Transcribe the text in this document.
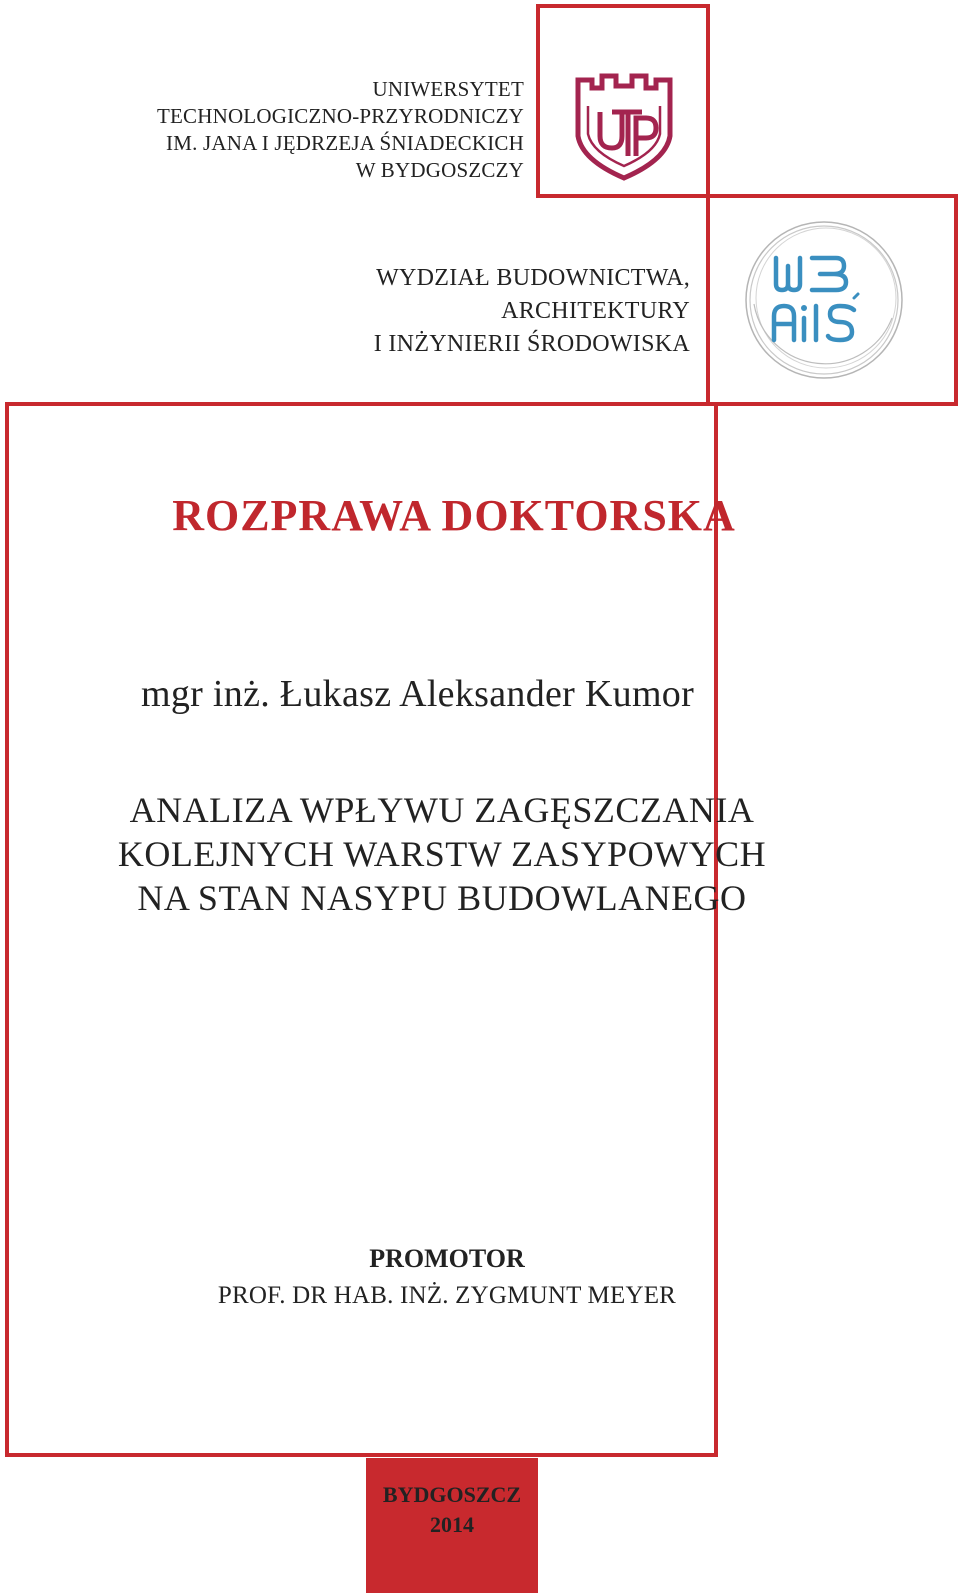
UNIWERSYTET
TECHNOLOGICZNO-PRZYRODNICZY
IM. JANA I JĘDRZEJA ŚNIADECKICH
W BYDGOSZCZY
WYDZIAŁ BUDOWNICTWA,
ARCHITEKTURY
I INŻYNIERII ŚRODOWISKA
ROZPRAWA DOKTORSKA
mgr inż. Łukasz Aleksander Kumor
ANALIZA WPŁYWU ZAGĘSZCZANIA
KOLEJNYCH WARSTW ZASYPOWYCH
NA STAN NASYPU BUDOWLANEGO
PROMOTOR
PROF. DR HAB. INŻ. ZYGMUNT MEYER
BYDGOSZCZ
2014
